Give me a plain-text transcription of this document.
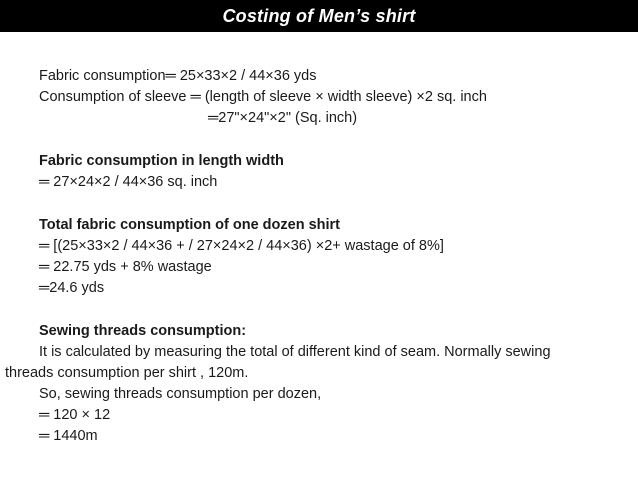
Costing of Men’s shirt
Fabric consumption═ 25×33×2 / 44×36 yds
Consumption of sleeve ═ (length of sleeve × width sleeve) ×2 sq. inch
═27"×24"×2" (Sq. inch)
Fabric consumption in length width
═ 27×24×2 / 44×36 sq. inch
Total fabric consumption of one dozen shirt
═ [(25×33×2 / 44×36 + / 27×24×2 / 44×36) ×2+ wastage of 8%]
═ 22.75 yds + 8% wastage
═24.6 yds
Sewing threads consumption:
It is calculated by measuring the total of different kind of seam. Normally sewing
threads consumption per shirt , 120m.
So, sewing threads consumption per dozen,
═ 120 × 12
═ 1440m
